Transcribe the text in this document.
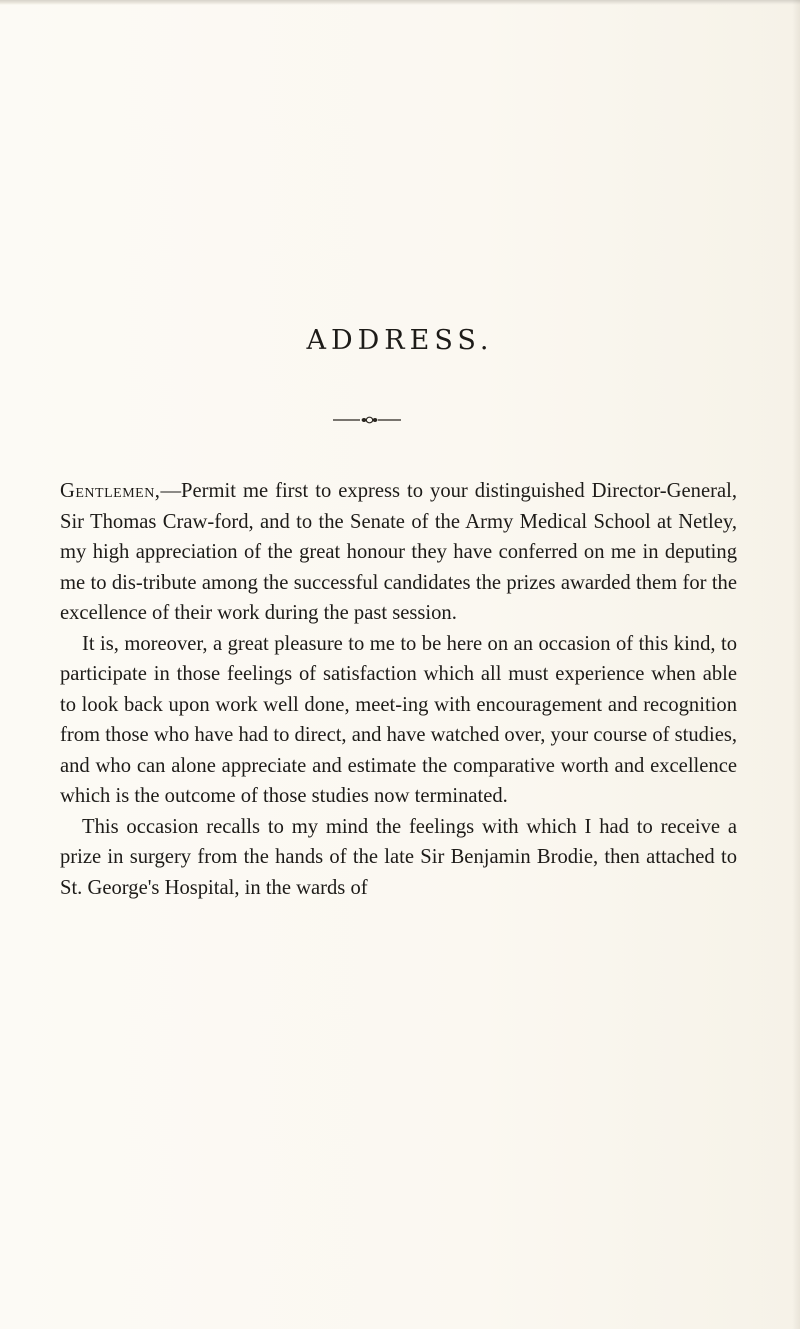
ADDRESS.

Gentlemen,—Permit me first to express to your distinguished Director-General, Sir Thomas Craw-ford, and to the Senate of the Army Medical School at Netley, my high appreciation of the great honour they have conferred on me in deputing me to dis-tribute among the successful candidates the prizes awarded them for the excellence of their work during the past session.

It is, moreover, a great pleasure to me to be here on an occasion of this kind, to participate in those feelings of satisfaction which all must experience when able to look back upon work well done, meet-ing with encouragement and recognition from those who have had to direct, and have watched over, your course of studies, and who can alone appreciate and estimate the comparative worth and excellence which is the outcome of those studies now terminated.

This occasion recalls to my mind the feelings with which I had to receive a prize in surgery from the hands of the late Sir Benjamin Brodie, then attached to St. George's Hospital, in the wards of
